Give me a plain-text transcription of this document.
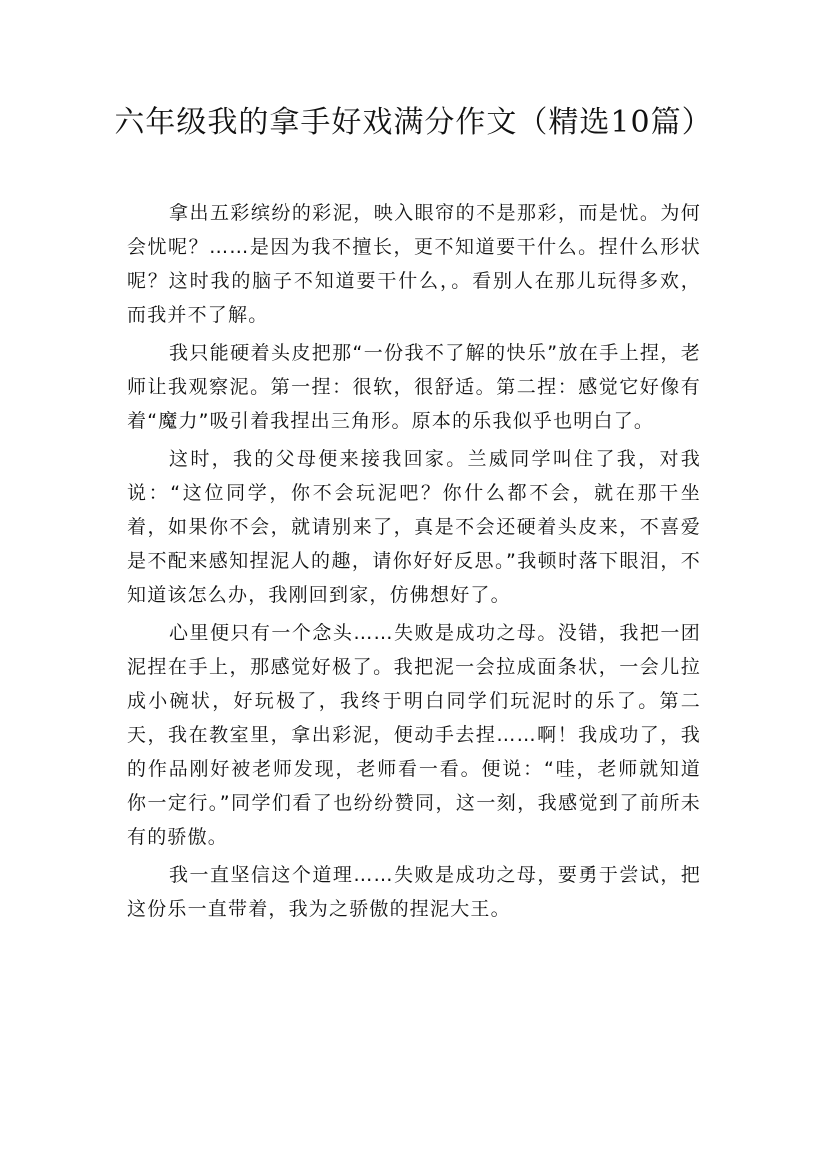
六年级我的拿手好戏满分作文（精选10篇）

拿出五彩缤纷的彩泥，映入眼帘的不是那彩，而是忧。为何会忧呢？……是因为我不擅长，更不知道要干什么。捏什么形状呢？这时我的脑子不知道要干什么，。看别人在那儿玩得多欢，而我并不了解。

我只能硬着头皮把那“一份我不了解的快乐”放在手上捏，老师让我观察泥。第一捏：很软，很舒适。第二捏：感觉它好像有着“魔力”吸引着我捏出三角形。原本的乐我似乎也明白了。

这时，我的父母便来接我回家。兰威同学叫住了我，对我说：“这位同学，你不会玩泥吧？你什么都不会，就在那干坐着，如果你不会，就请别来了，真是不会还硬着头皮来，不喜爱是不配来感知捏泥人的趣，请你好好反思。”我顿时落下眼泪，不知道该怎么办，我刚回到家，仿佛想好了。

心里便只有一个念头……失败是成功之母。没错，我把一团泥捏在手上，那感觉好极了。我把泥一会拉成面条状，一会儿拉成小碗状，好玩极了，我终于明白同学们玩泥时的乐了。第二天，我在教室里，拿出彩泥，便动手去捏……啊！我成功了，我的作品刚好被老师发现，老师看一看。便说：“哇，老师就知道你一定行。”同学们看了也纷纷赞同，这一刻，我感觉到了前所未有的骄傲。

我一直坚信这个道理……失败是成功之母，要勇于尝试，把这份乐一直带着，我为之骄傲的捏泥大王。
